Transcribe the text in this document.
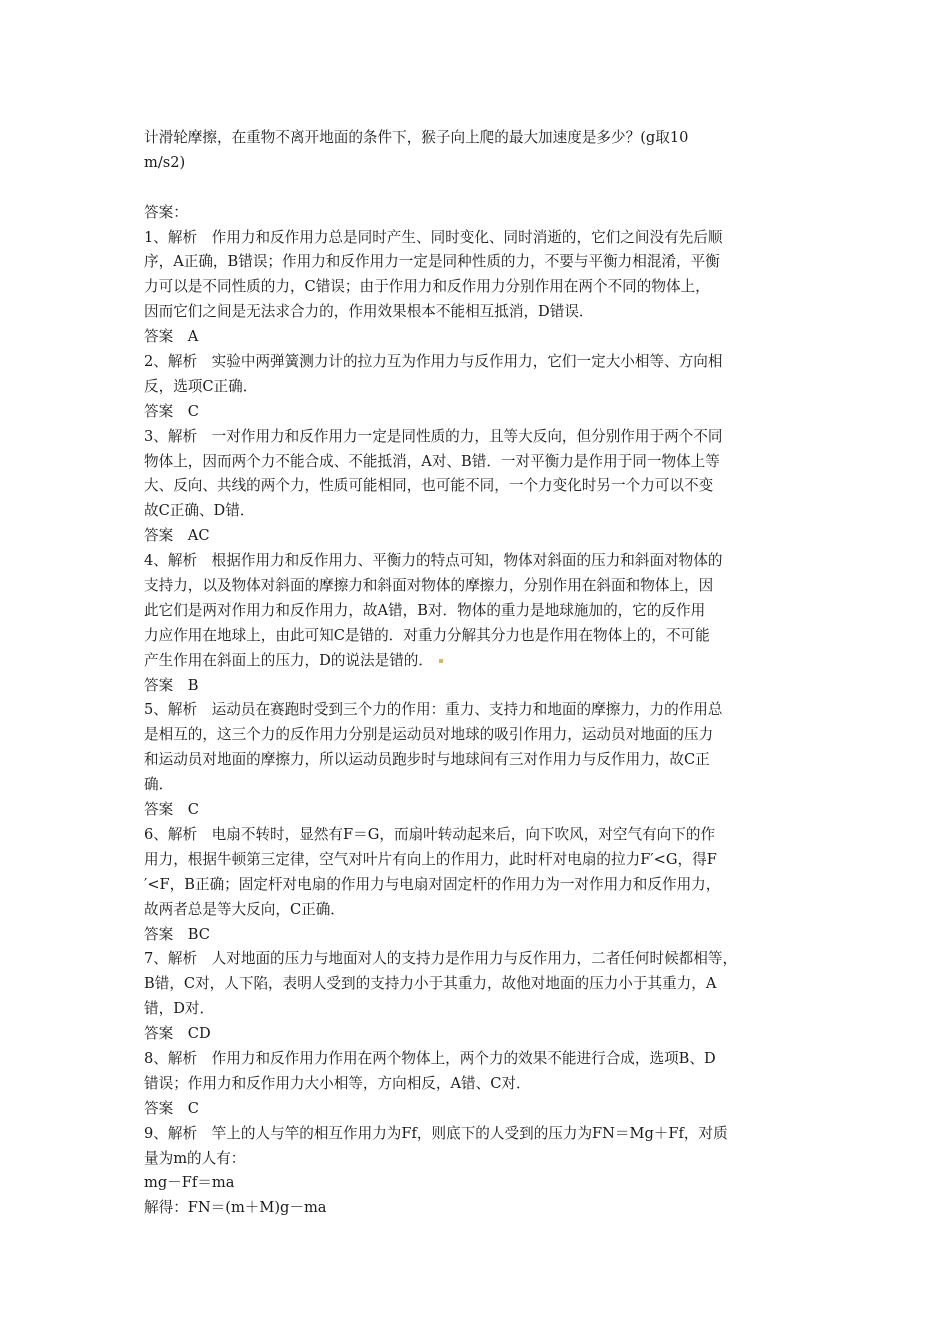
计滑轮摩擦，在重物不离开地面的条件下，猴子向上爬的最大加速度是多少？(g取10
m/s2)
答案：
1、解析　作用力和反作用力总是同时产生、同时变化、同时消逝的，它们之间没有先后顺
序，A正确，B错误；作用力和反作用力一定是同种性质的力，不要与平衡力相混淆，平衡
力可以是不同性质的力，C错误；由于作用力和反作用力分别作用在两个不同的物体上，
因而它们之间是无法求合力的，作用效果根本不能相互抵消，D错误．
答案　A
2、解析　实验中两弹簧测力计的拉力互为作用力与反作用力，它们一定大小相等、方向相
反，选项C正确．
答案　C
3、解析　一对作用力和反作用力一定是同性质的力，且等大反向，但分别作用于两个不同
物体上，因而两个力不能合成、不能抵消，A对、B错．一对平衡力是作用于同一物体上等
大、反向、共线的两个力，性质可能相同，也可能不同，一个力变化时另一个力可以不变
故C正确、D错．
答案　AC
4、解析　根据作用力和反作用力、平衡力的特点可知，物体对斜面的压力和斜面对物体的
支持力，以及物体对斜面的摩擦力和斜面对物体的摩擦力，分别作用在斜面和物体上，因
此它们是两对作用力和反作用力，故A错，B对．物体的重力是地球施加的，它的反作用
力应作用在地球上，由此可知C是错的．对重力分解其分力也是作用在物体上的，不可能
产生作用在斜面上的压力，D的说法是错的．
答案　B
5、解析　运动员在赛跑时受到三个力的作用：重力、支持力和地面的摩擦力，力的作用总
是相互的，这三个力的反作用力分别是运动员对地球的吸引作用力，运动员对地面的压力
和运动员对地面的摩擦力，所以运动员跑步时与地球间有三对作用力与反作用力，故C正
确．
答案　C
6、解析　电扇不转时，显然有F＝G，而扇叶转动起来后，向下吹风，对空气有向下的作
用力，根据牛顿第三定律，空气对叶片有向上的作用力，此时杆对电扇的拉力F′<G，得F
′<F，B正确；固定杆对电扇的作用力与电扇对固定杆的作用力为一对作用力和反作用力，
故两者总是等大反向，C正确．
答案　BC
7、解析　人对地面的压力与地面对人的支持力是作用力与反作用力，二者任何时候都相等，
B错，C对，人下陷，表明人受到的支持力小于其重力，故他对地面的压力小于其重力，A
错，D对．
答案　CD
8、解析　作用力和反作用力作用在两个物体上，两个力的效果不能进行合成，选项B、D
错误；作用力和反作用力大小相等，方向相反，A错、C对．
答案　C
9、解析　竿上的人与竿的相互作用力为Ff，则底下的人受到的压力为FN＝Mg＋Ff，对质
量为m的人有：
mg－Ff＝ma
解得：FN＝(m＋M)g－ma
